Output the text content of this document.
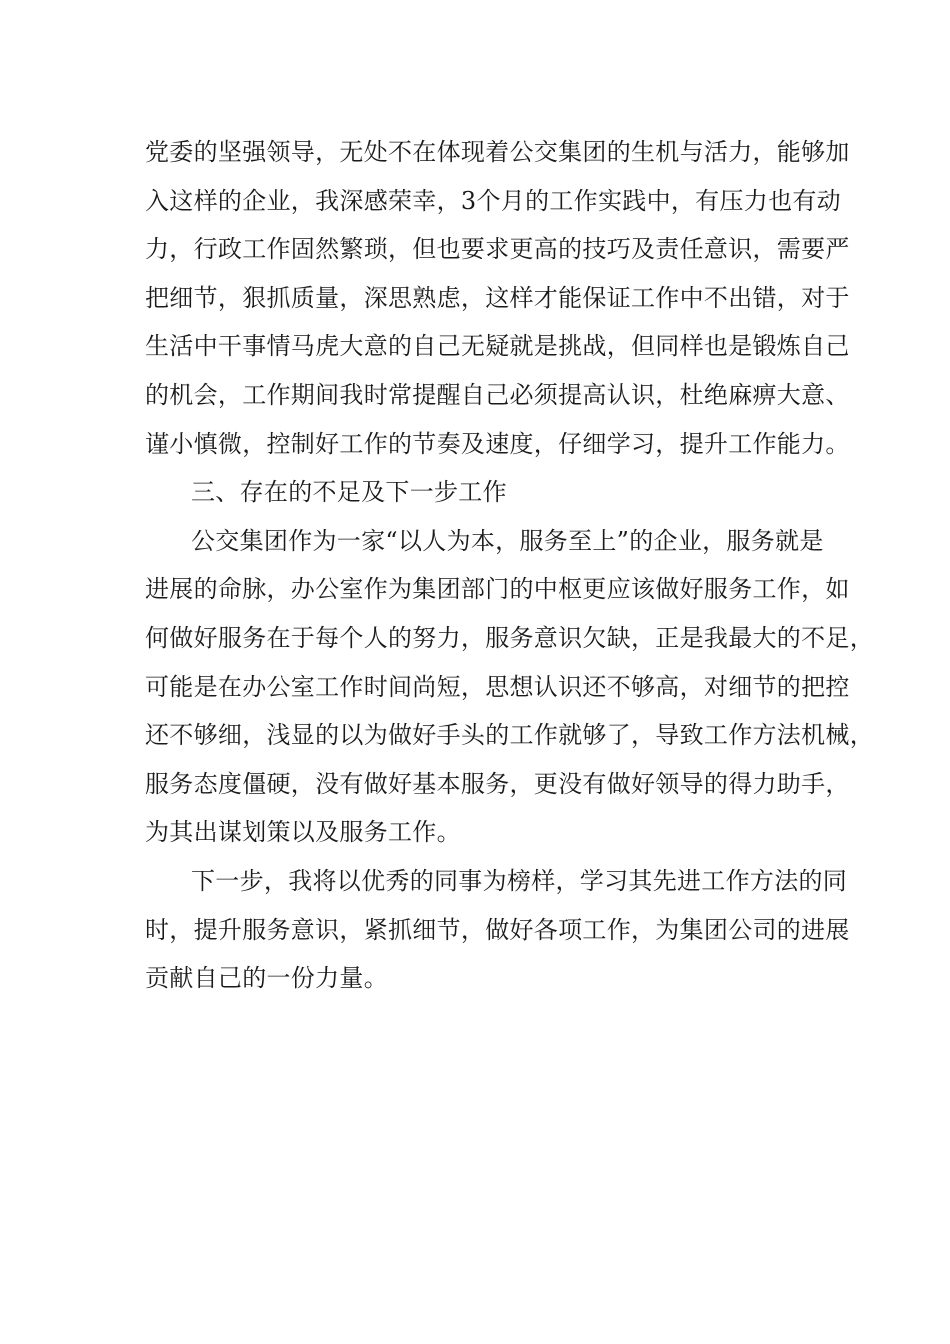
党委的坚强领导，无处不在体现着公交集团的生机与活力，能够加
入这样的企业，我深感荣幸，3个月的工作实践中，有压力也有动
力，行政工作固然繁琐，但也要求更高的技巧及责任意识，需要严
把细节，狠抓质量，深思熟虑，这样才能保证工作中不出错，对于
生活中干事情马虎大意的自己无疑就是挑战，但同样也是锻炼自己
的机会，工作期间我时常提醒自己必须提高认识，杜绝麻痹大意、
谨小慎微，控制好工作的节奏及速度，仔细学习，提升工作能力。
三、存在的不足及下一步工作
公交集团作为一家“以人为本，服务至上”的企业，服务就是
进展的命脉，办公室作为集团部门的中枢更应该做好服务工作，如
何做好服务在于每个人的努力，服务意识欠缺，正是我最大的不足，
可能是在办公室工作时间尚短，思想认识还不够高，对细节的把控
还不够细，浅显的以为做好手头的工作就够了，导致工作方法机械，
服务态度僵硬，没有做好基本服务，更没有做好领导的得力助手，
为其出谋划策以及服务工作。
下一步，我将以优秀的同事为榜样，学习其先进工作方法的同
时，提升服务意识，紧抓细节，做好各项工作，为集团公司的进展
贡献自己的一份力量。
